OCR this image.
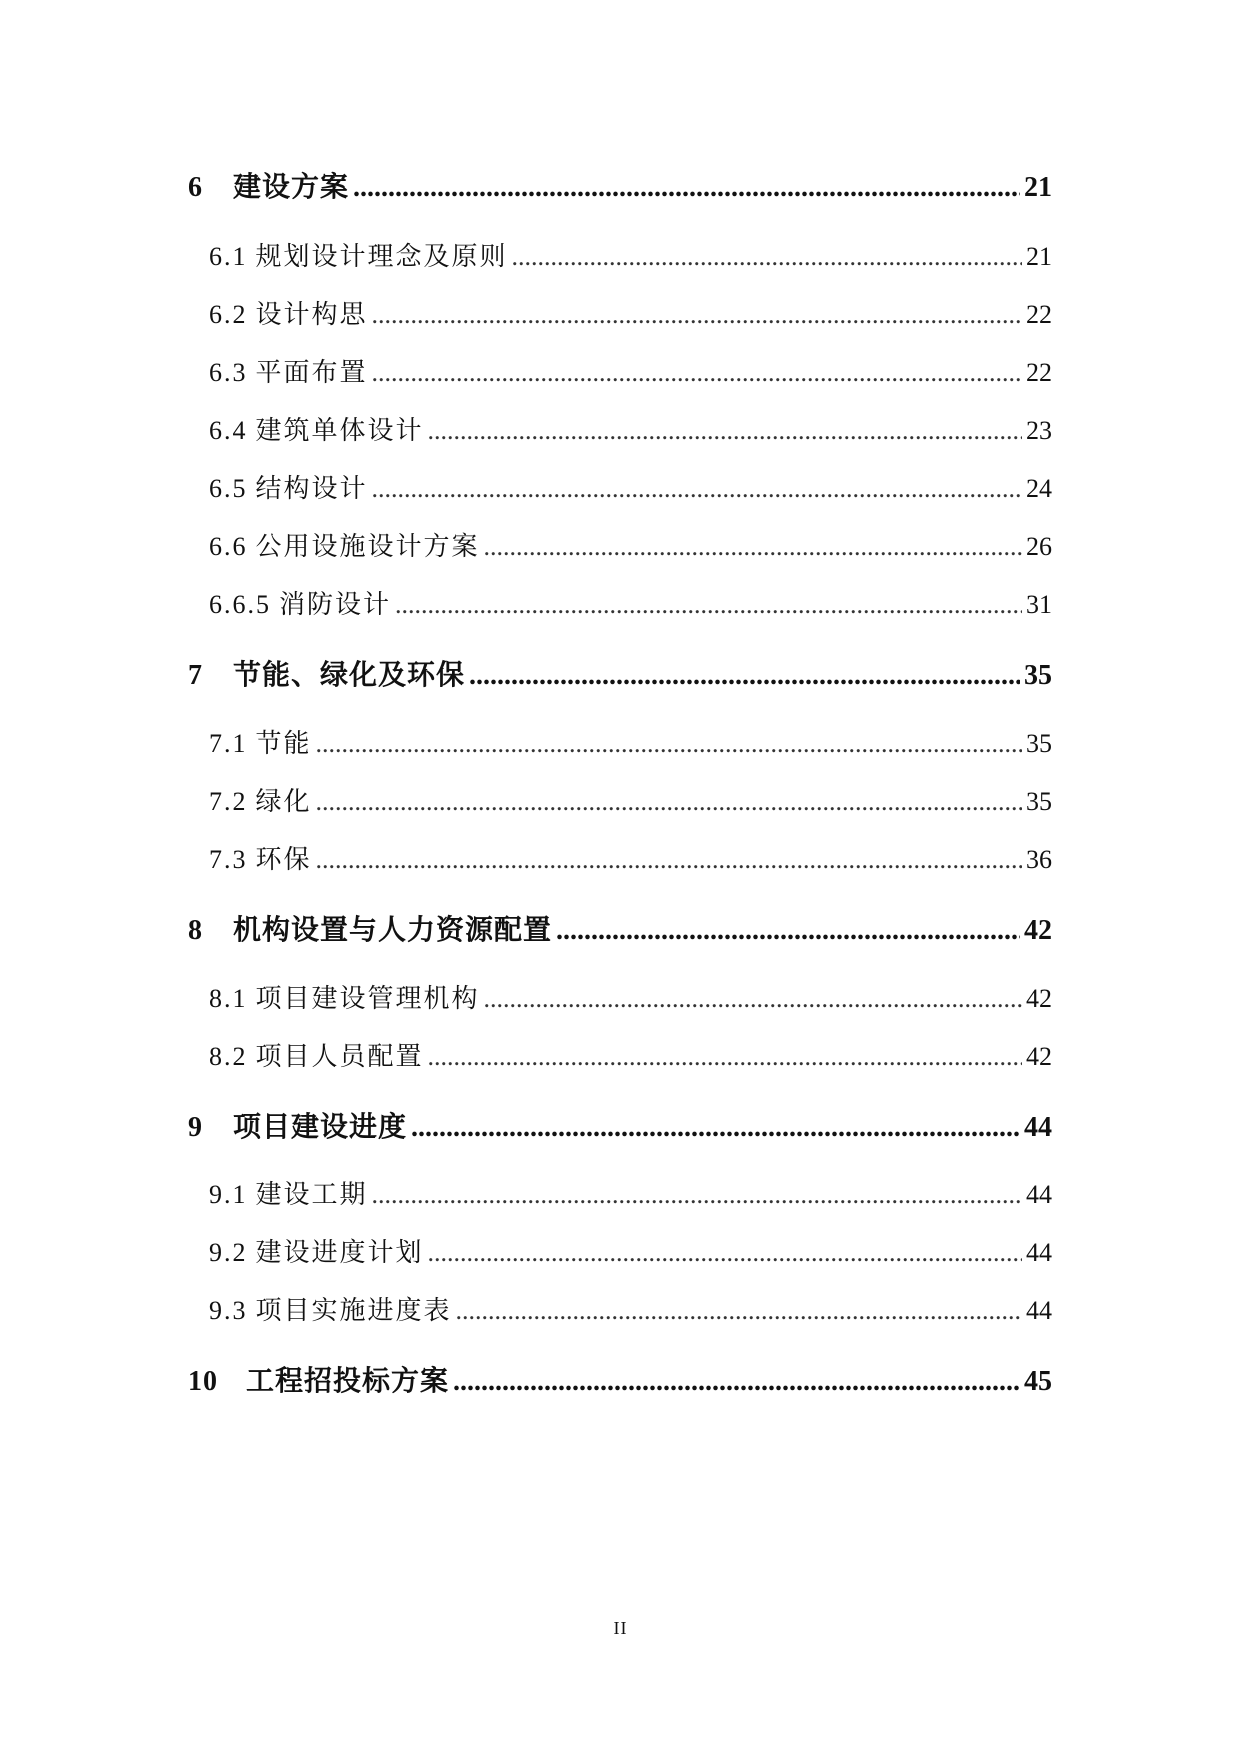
6	建设方案 .....	21
6.1 规划设计理念及原则 .....	21
6.2 设计构思 .....	22
6.3 平面布置 .....	22
6.4 建筑单体设计 .....	23
6.5 结构设计 .....	24
6.6 公用设施设计方案 .....	26
6.6.5 消防设计 .....	31
7	节能、绿化及环保 .....	35
7.1 节能 .....	35
7.2 绿化 .....	35
7.3 环保 .....	36
8	机构设置与人力资源配置 .....	42
8.1 项目建设管理机构 .....	42
8.2 项目人员配置 .....	42
9	项目建设进度 .....	44
9.1 建设工期 .....	44
9.2 建设进度计划 .....	44
9.3 项目实施进度表 .....	44
10	工程招投标方案 .....	45
II
